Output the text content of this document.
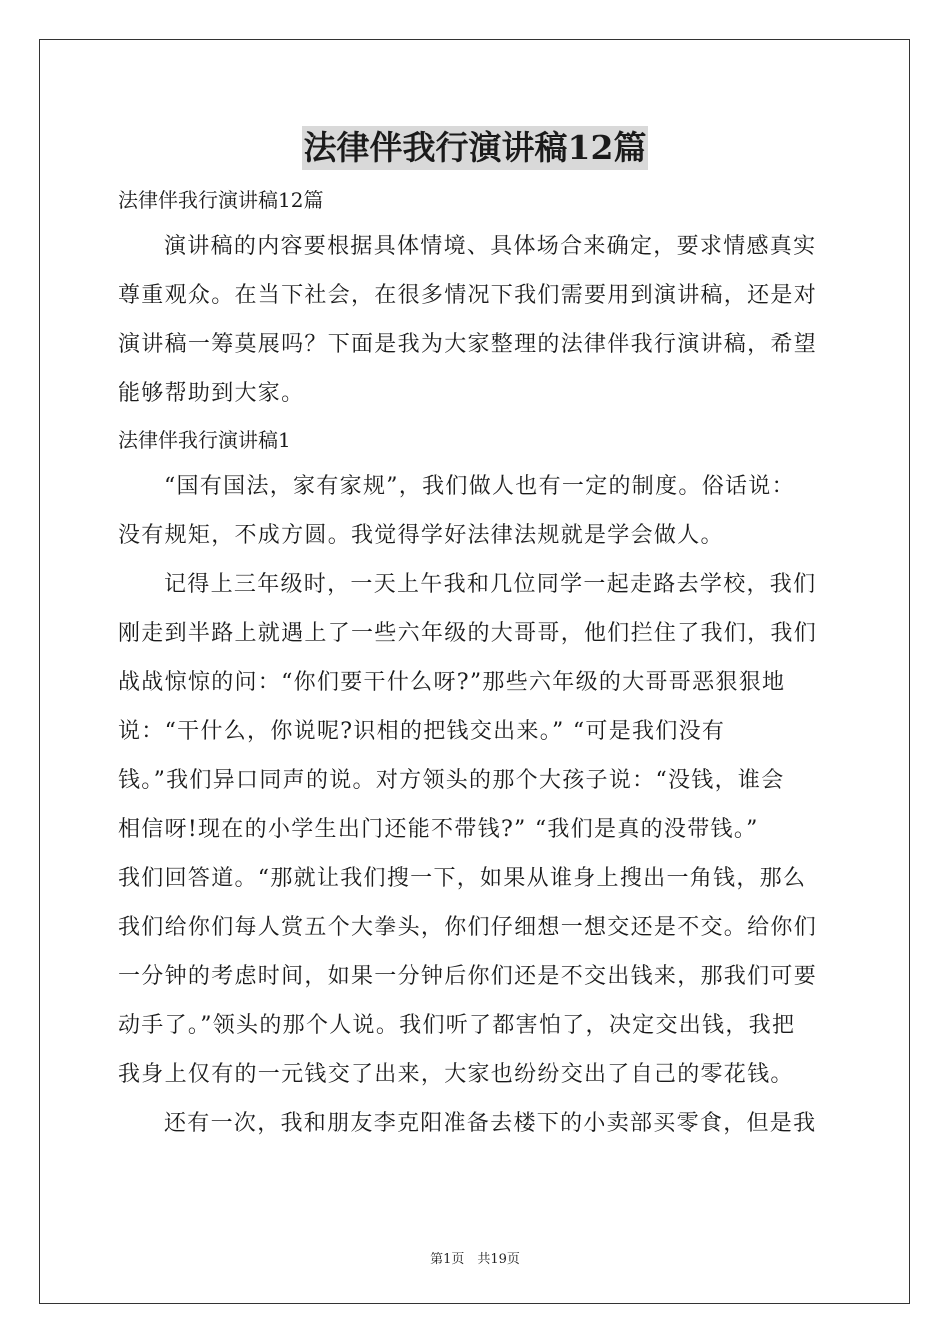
法律伴我行演讲稿12篇
法律伴我行演讲稿12篇
演讲稿的内容要根据具体情境、具体场合来确定，要求情感真实
尊重观众。在当下社会，在很多情况下我们需要用到演讲稿，还是对
演讲稿一筹莫展吗？下面是我为大家整理的法律伴我行演讲稿，希望
能够帮助到大家。
法律伴我行演讲稿1
“国有国法，家有家规”，我们做人也有一定的制度。俗话说：
没有规矩，不成方圆。我觉得学好法律法规就是学会做人。
记得上三年级时，一天上午我和几位同学一起走路去学校，我们
刚走到半路上就遇上了一些六年级的大哥哥，他们拦住了我们，我们
战战惊惊的问：“你们要干什么呀?”那些六年级的大哥哥恶狠狠地
说：“干什么，你说呢?识相的把钱交出来。” “可是我们没有
钱。”我们异口同声的说。对方领头的那个大孩子说：“没钱，谁会
相信呀!现在的小学生出门还能不带钱?” “我们是真的没带钱。”
我们回答道。“那就让我们搜一下，如果从谁身上搜出一角钱，那么
我们给你们每人赏五个大拳头，你们仔细想一想交还是不交。给你们
一分钟的考虑时间，如果一分钟后你们还是不交出钱来，那我们可要
动手了。”领头的那个人说。我们听了都害怕了，决定交出钱，我把
我身上仅有的一元钱交了出来，大家也纷纷交出了自己的零花钱。
还有一次，我和朋友李克阳准备去楼下的小卖部买零食，但是我
第1页　共19页
